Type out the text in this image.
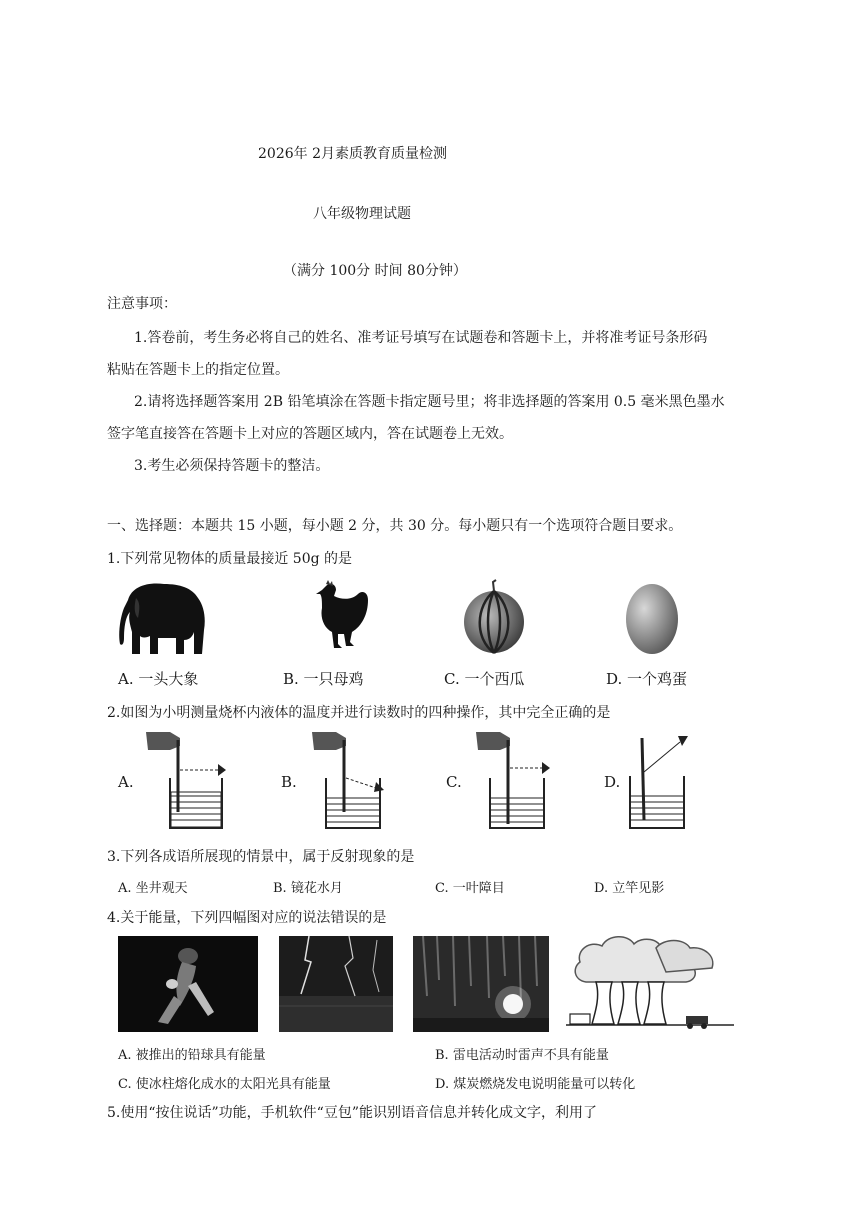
2026年 2月素质教育质量检测
八年级物理试题
（满分 100分 时间 80分钟）
注意事项：
1.答卷前，考生务必将自己的姓名、准考证号填写在试题卷和答题卡上，并将准考证号条形码
粘贴在答题卡上的指定位置。
2.请将选择题答案用 2B 铅笔填涂在答题卡指定题号里；将非选择题的答案用 0.5 毫米黑色墨水
签字笔直接答在答题卡上对应的答题区域内，答在试题卷上无效。
3.考生必须保持答题卡的整洁。
一、选择题：本题共 15 小题，每小题 2 分，共 30 分。每小题只有一个选项符合题目要求。
1.下列常见物体的质量最接近 50g 的是
A. 一头大象	B. 一只母鸡	C. 一个西瓜	D. 一个鸡蛋
2.如图为小明测量烧杯内液体的温度并进行读数时的四种操作，其中完全正确的是
A.	B.	C.	D.
3.下列各成语所展现的情景中，属于反射现象的是
A. 坐井观天	B. 镜花水月	C. 一叶障目	D. 立竿见影
4.关于能量，下列四幅图对应的说法错误的是
A. 被推出的铅球具有能量	B. 雷电活动时雷声不具有能量
C. 使冰柱熔化成水的太阳光具有能量	D. 煤炭燃烧发电说明能量可以转化
5.使用“按住说话”功能，手机软件“豆包”能识别语音信息并转化成文字，利用了
